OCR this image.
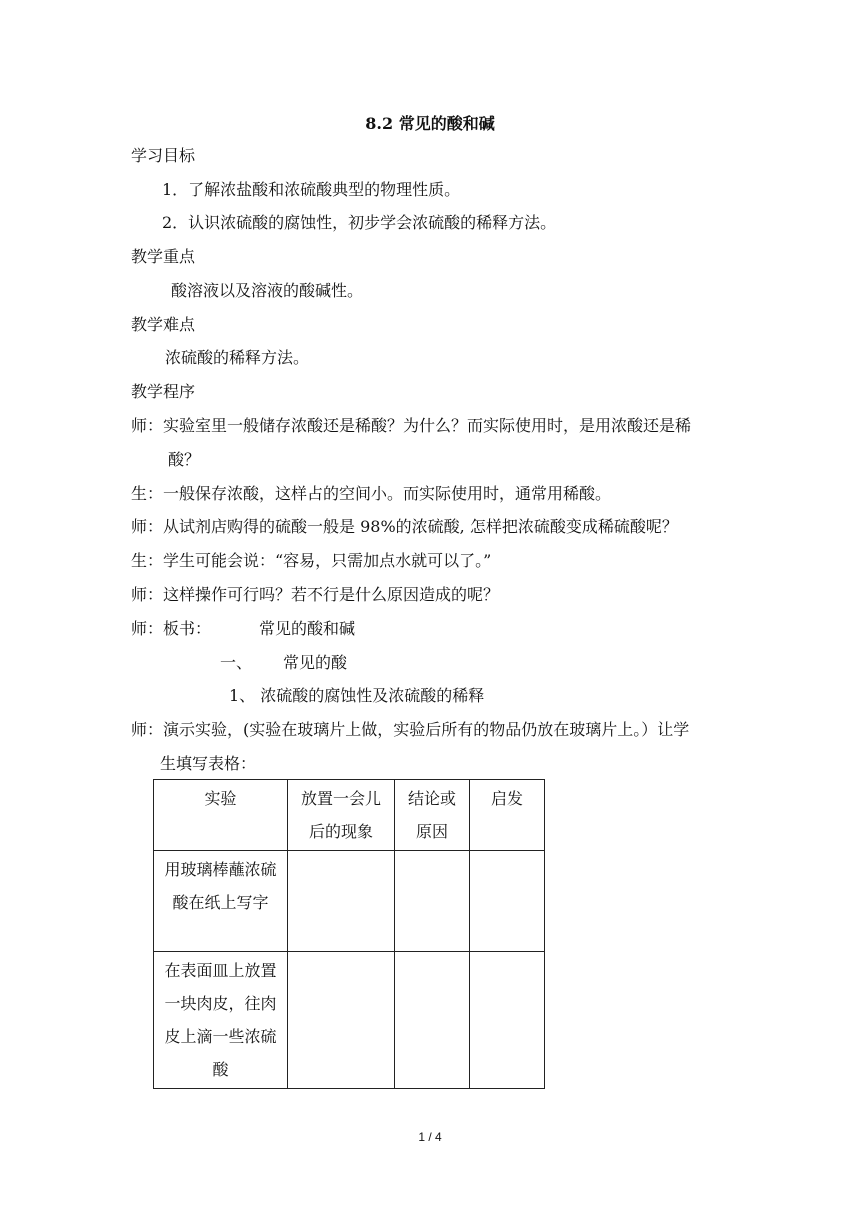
8.2 常见的酸和碱
学习目标
1．了解浓盐酸和浓硫酸典型的物理性质。
2．认识浓硫酸的腐蚀性，初步学会浓硫酸的稀释方法。
教学重点
酸溶液以及溶液的酸碱性。
教学难点
浓硫酸的稀释方法。
教学程序
师：实验室里一般储存浓酸还是稀酸？为什么？而实际使用时，是用浓酸还是稀
酸？
生：一般保存浓酸，这样占的空间小。而实际使用时，通常用稀酸。
师：从试剂店购得的硫酸一般是 98%的浓硫酸, 怎样把浓硫酸变成稀硫酸呢？
生：学生可能会说：“容易，只需加点水就可以了。”
师：这样操作可行吗？若不行是什么原因造成的呢？
师：板书：	常见的酸和碱
一、 常见的酸
1、 浓硫酸的腐蚀性及浓硫酸的稀释
师：演示实验，(实验在玻璃片上做，实验后所有的物品仍放在玻璃片上。）让学
生填写表格：
实验	放置一会儿后的现象	结论或原因	启发
用玻璃棒蘸浓硫酸在纸上写字			
在表面皿上放置一块肉皮，往肉皮上滴一些浓硫酸			
1 / 4
